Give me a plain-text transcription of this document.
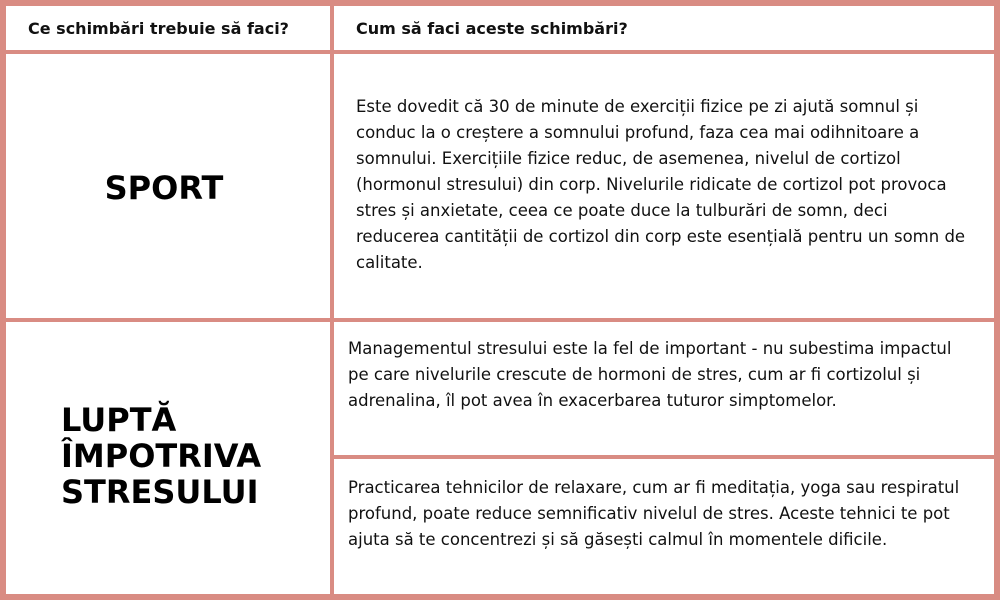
Ce schimbări trebuie să faci?	Cum să faci aceste schimbări?
SPORT
Este dovedit că 30 de minute de exerciții fizice pe zi ajută somnul și conduc la o creștere a somnului profund, faza cea mai odihnitoare a somnului. Exercițiile fizice reduc, de asemenea, nivelul de cortizol (hormonul stresului) din corp. Nivelurile ridicate de cortizol pot provoca stres și anxietate, ceea ce poate duce la tulburări de somn, deci reducerea cantității de cortizol din corp este esențială pentru un somn de calitate.
LUPTĂ
ÎMPOTRIVA
STRESULUI
Managementul stresului este la fel de important - nu subestima impactul pe care nivelurile crescute de hormoni de stres, cum ar fi cortizolul și adrenalina, îl pot avea în exacerbarea tuturor simptomelor.
Practicarea tehnicilor de relaxare, cum ar fi meditația, yoga sau respiratul profund, poate reduce semnificativ nivelul de stres. Aceste tehnici te pot ajuta să te concentrezi și să găsești calmul în momentele dificile.
